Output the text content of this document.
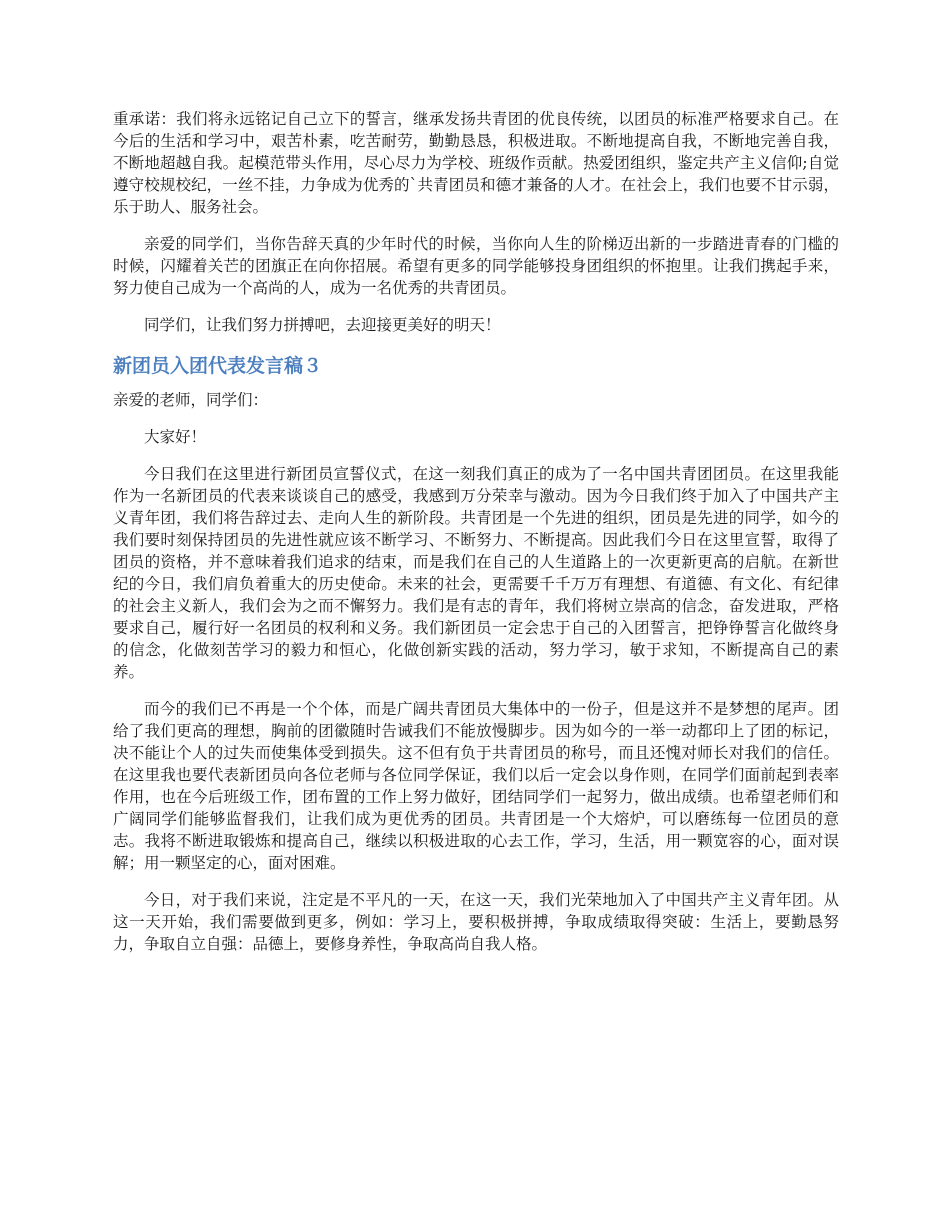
重承诺：我们将永远铭记自己立下的誓言，继承发扬共青团的优良传统，以团员的标准严格要求自己。在今后的生活和学习中，艰苦朴素，吃苦耐劳，勤勤恳恳，积极进取。不断地提高自我，不断地完善自我，不断地超越自我。起模范带头作用，尽心尽力为学校、班级作贡献。热爱团组织，鉴定共产主义信仰;自觉遵守校规校纪，一丝不挂，力争成为优秀的`共青团员和德才兼备的人才。在社会上，我们也要不甘示弱，乐于助人、服务社会。

亲爱的同学们，当你告辞天真的少年时代的时候，当你向人生的阶梯迈出新的一步踏进青春的门槛的时候，闪耀着关芒的团旗正在向你招展。希望有更多的同学能够投身团组织的怀抱里。让我们携起手来，努力使自己成为一个高尚的人，成为一名优秀的共青团员。

同学们，让我们努力拼搏吧，去迎接更美好的明天！

新团员入团代表发言稿３

亲爱的老师，同学们：

大家好！

今日我们在这里进行新团员宣誓仪式，在这一刻我们真正的成为了一名中国共青团团员。在这里我能作为一名新团员的代表来谈谈自己的感受，我感到万分荣幸与激动。因为今日我们终于加入了中国共产主义青年团，我们将告辞过去、走向人生的新阶段。共青团是一个先进的组织，团员是先进的同学，如今的我们要时刻保持团员的先进性就应该不断学习、不断努力、不断提高。因此我们今日在这里宣誓，取得了团员的资格，并不意味着我们追求的结束，而是我们在自己的人生道路上的一次更新更高的启航。在新世纪的今日，我们肩负着重大的历史使命。未来的社会，更需要千千万万有理想、有道德、有文化、有纪律的社会主义新人，我们会为之而不懈努力。我们是有志的青年，我们将树立崇高的信念，奋发进取，严格要求自己，履行好一名团员的权利和义务。我们新团员一定会忠于自己的入团誓言，把铮铮誓言化做终身的信念，化做刻苦学习的毅力和恒心，化做创新实践的活动，努力学习，敏于求知，不断提高自己的素养。

而今的我们已不再是一个个体，而是广阔共青团员大集体中的一份子，但是这并不是梦想的尾声。团给了我们更高的理想，胸前的团徽随时告诫我们不能放慢脚步。因为如今的一举一动都印上了团的标记，决不能让个人的过失而使集体受到损失。这不但有负于共青团员的称号，而且还愧对师长对我们的信任。在这里我也要代表新团员向各位老师与各位同学保证，我们以后一定会以身作则，在同学们面前起到表率作用，也在今后班级工作，团布置的工作上努力做好，团结同学们一起努力，做出成绩。也希望老师们和广阔同学们能够监督我们，让我们成为更优秀的团员。共青团是一个大熔炉，可以磨练每一位团员的意志。我将不断进取锻炼和提高自己，继续以积极进取的心去工作，学习，生活，用一颗宽容的心，面对误解；用一颗坚定的心，面对困难。

今日，对于我们来说，注定是不平凡的一天，在这一天，我们光荣地加入了中国共产主义青年团。从这一天开始，我们需要做到更多，例如：学习上，要积极拼搏，争取成绩取得突破：生活上，要勤恳努力，争取自立自强：品德上，要修身养性，争取高尚自我人格。
